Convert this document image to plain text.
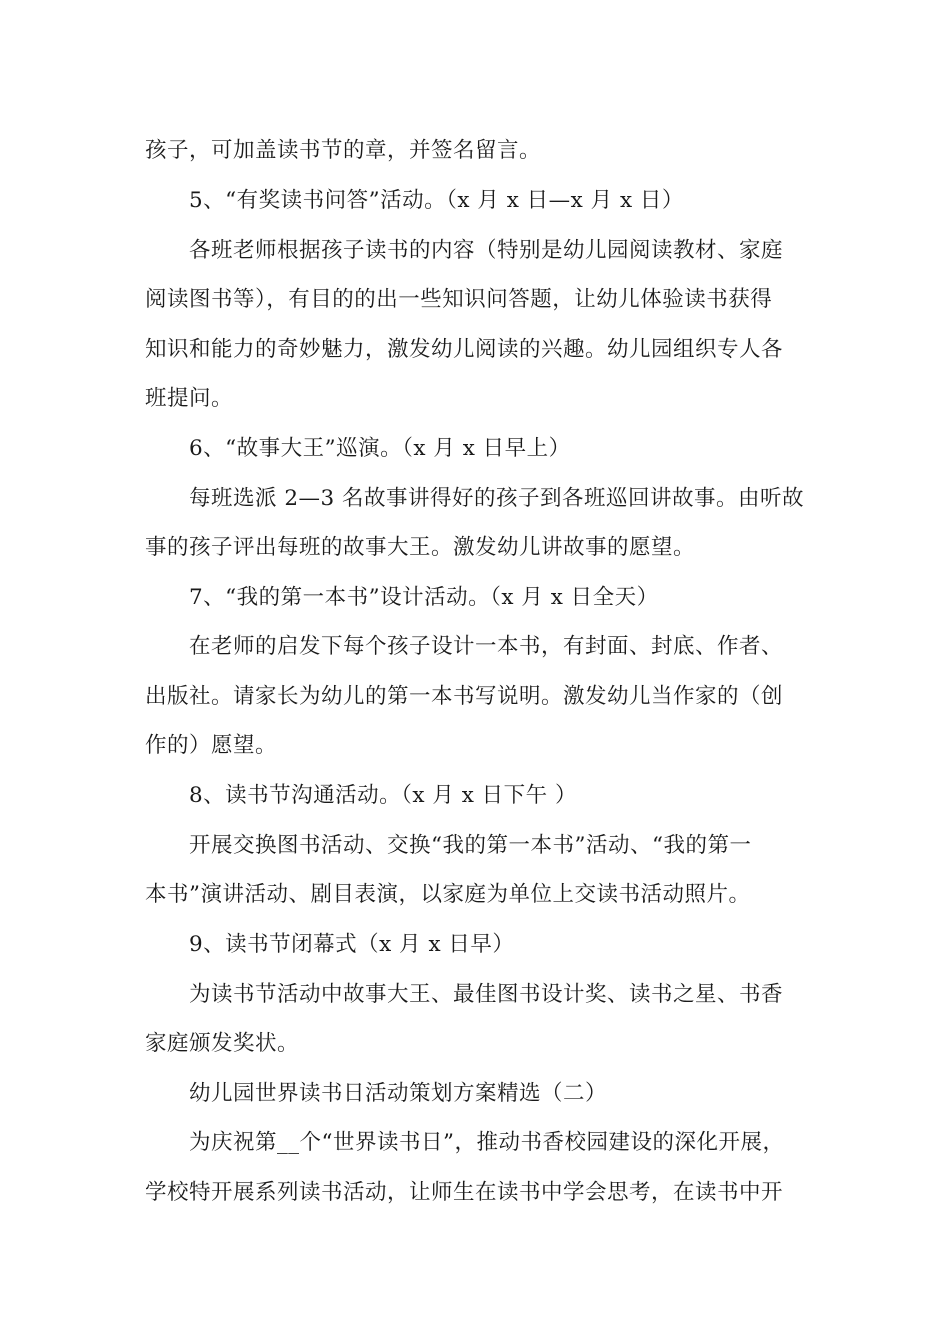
孩子，可加盖读书节的章，并签名留言。
5、“有奖读书问答”活动。（x 月 x 日—x 月 x 日）
各班老师根据孩子读书的内容（特别是幼儿园阅读教材、家庭
阅读图书等），有目的的出一些知识问答题，让幼儿体验读书获得
知识和能力的奇妙魅力，激发幼儿阅读的兴趣。幼儿园组织专人各
班提问。
6、“故事大王”巡演。（x 月 x 日早上）
每班选派 2—3 名故事讲得好的孩子到各班巡回讲故事。由听故
事的孩子评出每班的故事大王。激发幼儿讲故事的愿望。
7、“我的第一本书”设计活动。（x 月 x 日全天）
在老师的启发下每个孩子设计一本书，有封面、封底、作者、
出版社。请家长为幼儿的第一本书写说明。激发幼儿当作家的（创
作的）愿望。
8、读书节沟通活动。（x 月 x 日下午 ）
开展交换图书活动、交换“我的第一本书”活动、“我的第一
本书”演讲活动、剧目表演，以家庭为单位上交读书活动照片。
9、读书节闭幕式（x 月 x 日早）
为读书节活动中故事大王、最佳图书设计奖、读书之星、书香
家庭颁发奖状。
幼儿园世界读书日活动策划方案精选（二）
为庆祝第__个“世界读书日”，推动书香校园建设的深化开展，
学校特开展系列读书活动，让师生在读书中学会思考，在读书中开
